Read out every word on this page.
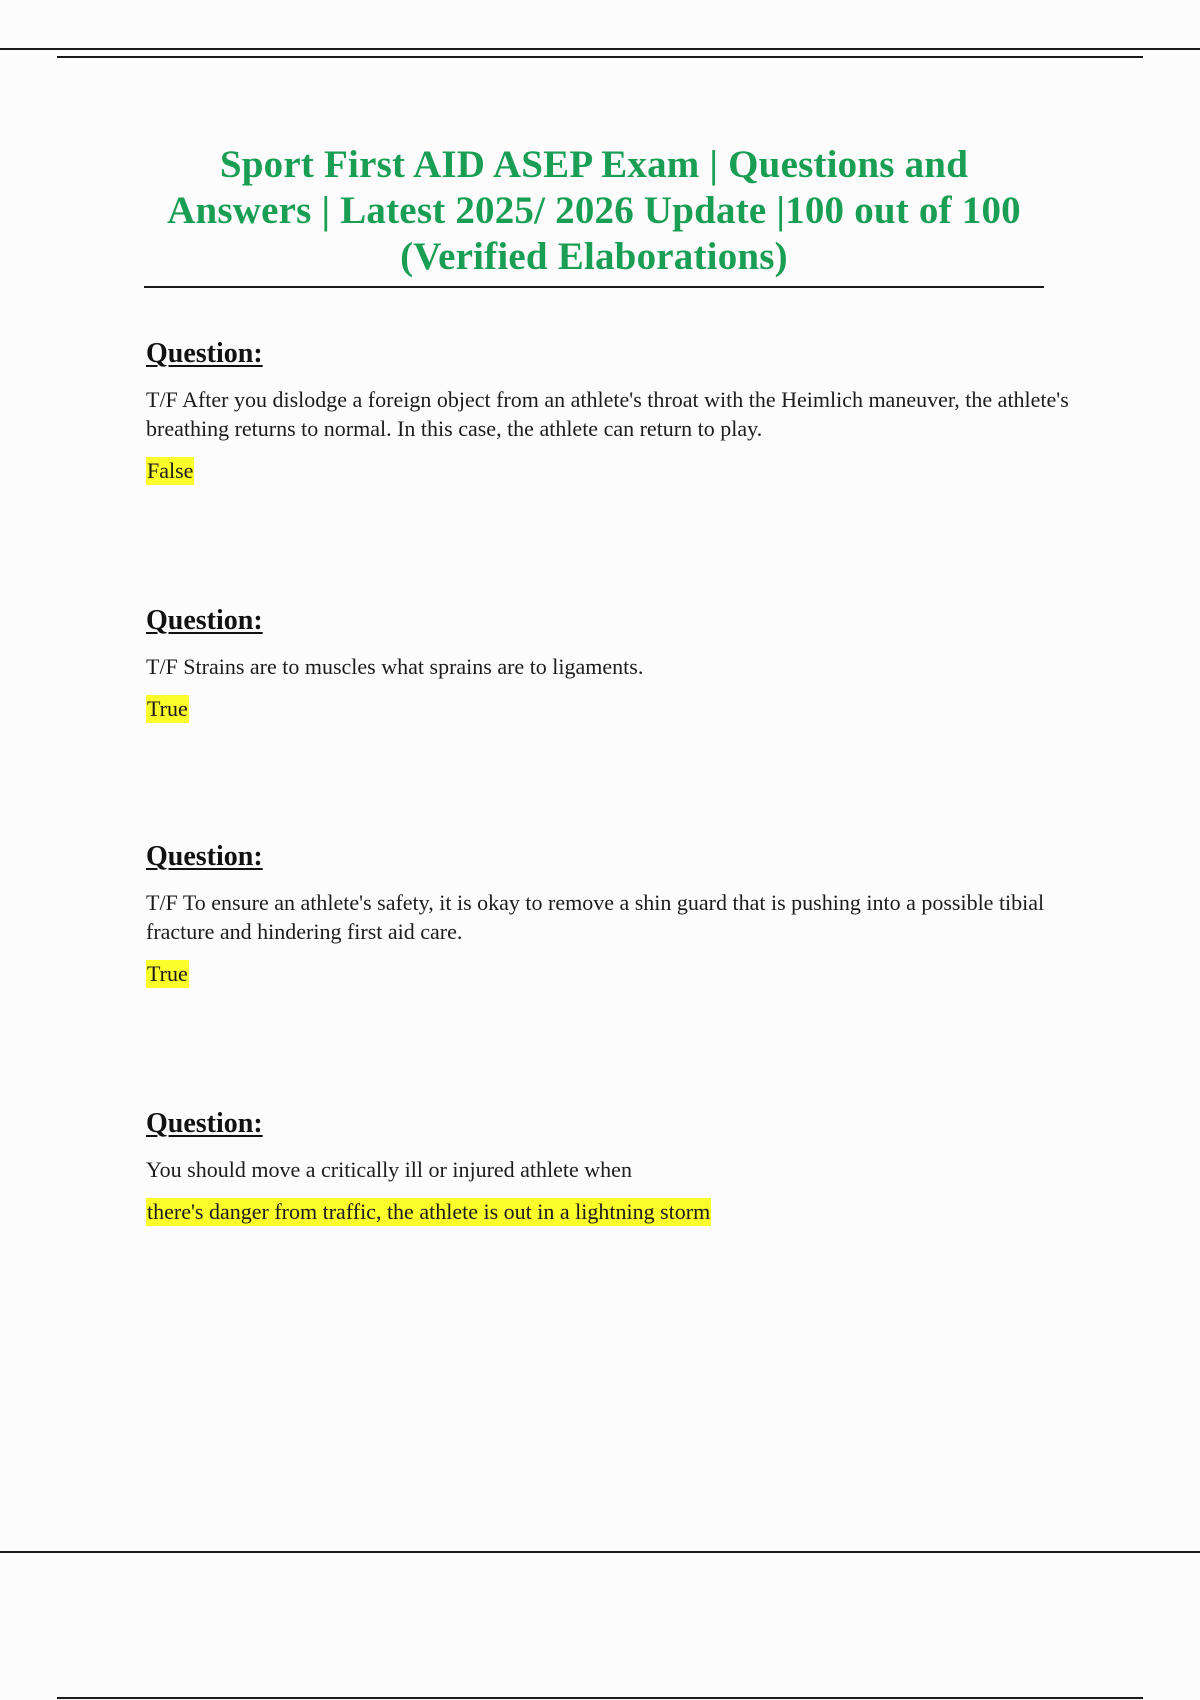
Sport First AID ASEP Exam | Questions and Answers | Latest 2025/ 2026 Update |100 out of 100 (Verified Elaborations)

Question:

T/F After you dislodge a foreign object from an athlete's throat with the Heimlich maneuver, the athlete's breathing returns to normal. In this case, the athlete can return to play.

False

Question:

T/F Strains are to muscles what sprains are to ligaments.

True

Question:

T/F To ensure an athlete's safety, it is okay to remove a shin guard that is pushing into a possible tibial fracture and hindering first aid care.

True

Question:

You should move a critically ill or injured athlete when

there's danger from traffic, the athlete is out in a lightning storm
